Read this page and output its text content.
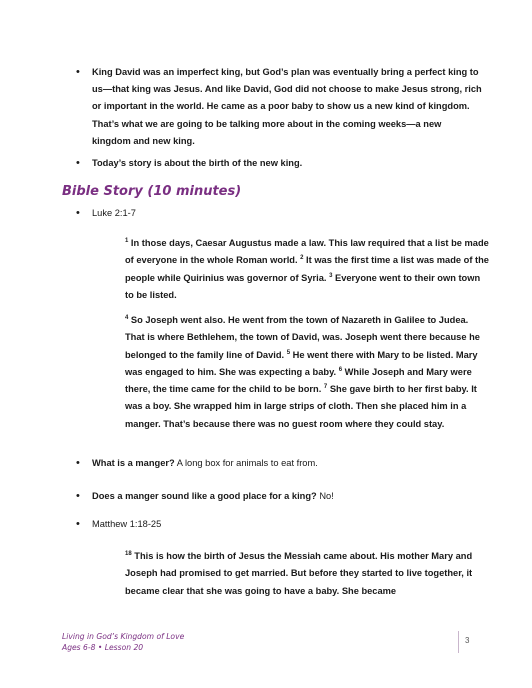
• King David was an imperfect king, but God’s plan was eventually bring a perfect king to us—that king was Jesus. And like David, God did not choose to make Jesus strong, rich or important in the world. He came as a poor baby to show us a new kind of kingdom. That’s what we are going to be talking more about in the coming weeks—a new kingdom and new king.
• Today’s story is about the birth of the new king.
Bible Story (10 minutes)
• Luke 2:1-7
$^1$ In those days, Caesar Augustus made a law. This law required that a list be made of everyone in the whole Roman world. $^2$ It was the first time a list was made of the people while Quirinius was governor of Syria. $^3$ Everyone went to their own town to be listed.
$^4$ So Joseph went also. He went from the town of Nazareth in Galilee to Judea. That is where Bethlehem, the town of David, was. Joseph went there because he belonged to the family line of David. $^5$ He went there with Mary to be listed. Mary was engaged to him. She was expecting a baby. $^6$ While Joseph and Mary were there, the time came for the child to be born. $^7$ She gave birth to her first baby. It was a boy. She wrapped him in large strips of cloth. Then she placed him in a manger. That’s because there was no guest room where they could stay.
• What is a manger? A long box for animals to eat from.
• Does a manger sound like a good place for a king? No!
• Matthew 1:18-25
$^{18}$ This is how the birth of Jesus the Messiah came about. His mother Mary and Joseph had promised to get married. But before they started to live together, it became clear that she was going to have a baby. She became
Living in God’s Kingdom of Love
Ages 6-8 • Lesson 20
3
